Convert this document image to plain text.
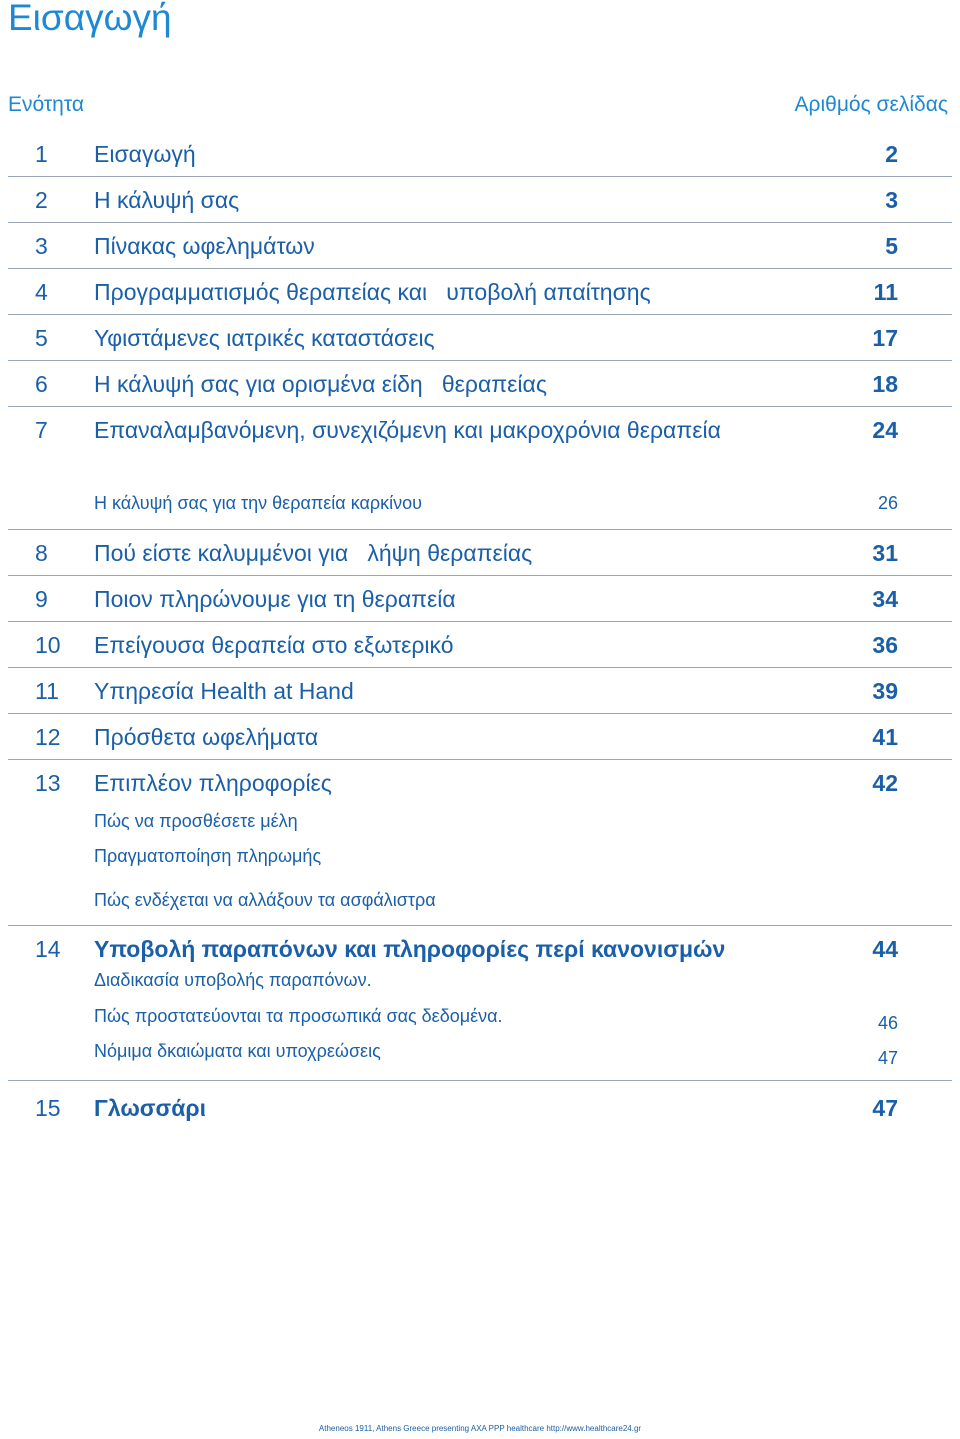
Εισαγωγή
Ενότητα	Αριθμός σελίδας
1 Εισαγωγή	2
2 Η κάλυψή σας	3
3 Πίνακας ωφελημάτων	5
4 Προγραμματισμός θεραπείας και   υποβολή απαίτησης	11
5 Υφιστάμενες ιατρικές καταστάσεις	17
6 Η κάλυψή σας για ορισμένα είδη   θεραπείας	18
7 Επαναλαμβανόμενη, συνεχιζόμενη και μακροχρόνια θεραπεία	24
Η κάλυψή σας για την θεραπεία καρκίνου	26
8 Πού είστε καλυμμένοι για   λήψη θεραπείας	31
9 Ποιον πληρώνουμε για τη θεραπεία	34
10 Επείγουσα θεραπεία στο εξωτερικό	36
11 Υπηρεσία Health at Hand	39
12 Πρόσθετα ωφελήματα	41
13 Επιπλέον πληροφορίες	42
Πώς να προσθέσετε μέλη
Πραγματοποίηση πληρωμής
Πώς ενδέχεται να αλλάξουν τα ασφάλιστρα
14 Υποβολή παραπόνων και πληροφορίες περί κανονισμών	44
Διαδικασία υποβολής παραπόνων.
Πώς προστατεύονται τα προσωπικά σας δεδομένα.	46
Νόμιμα δκαιώματα και υποχρεώσεις	47
15 Γλωσσάρι	47
Atheneos 1911, Athens Greece presenting AXA PPP healthcare http://www.healthcare24.gr
